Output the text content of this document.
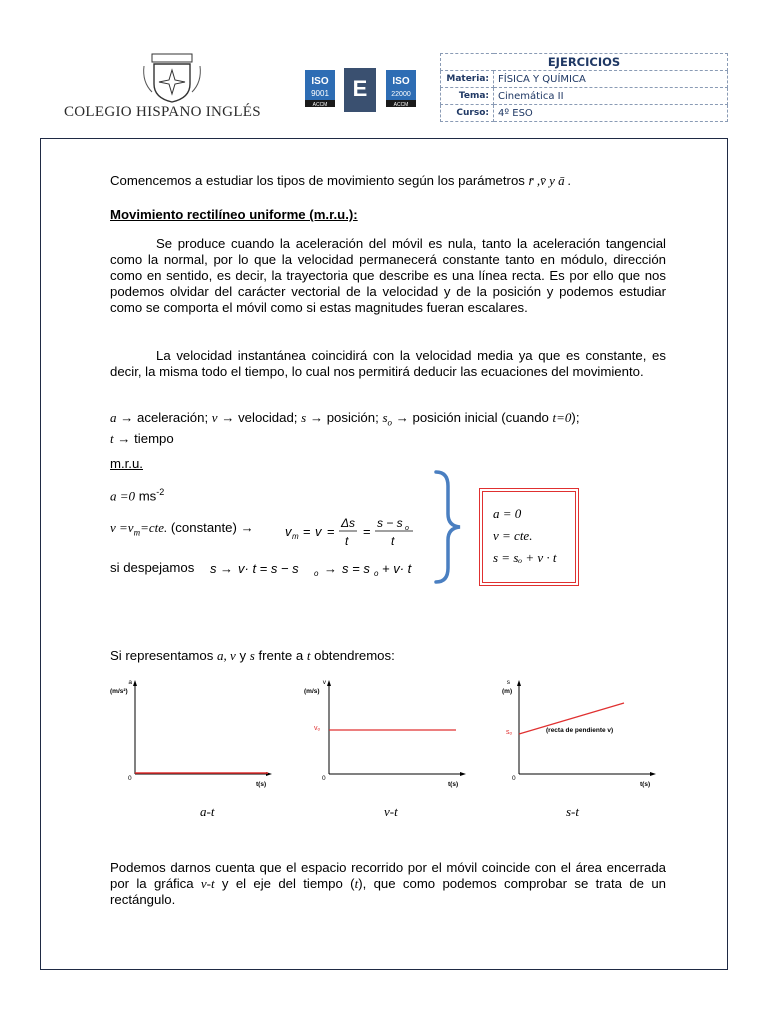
COLEGIO HISPANO INGLÉS
ISO
9001
ACCM
E	ISO
22000
ACCM
EJERCICIOS	
Materia:	FÍSICA Y QUÍMICA
Tema:	Cinemática II
Curso:	4º ESO
Comencemos a estudiar los tipos de movimiento según los parámetros r̄ ,v̄ y ā .
Movimiento rectilíneo uniforme (m.r.u.):
Se produce cuando la aceleración del móvil es nula, tanto la aceleración tangencial como la normal, por lo que la velocidad permanecerá constante tanto en módulo, dirección como en sentido, es decir, la trayectoria que describe es una línea recta. Es por ello que nos podemos olvidar del carácter vectorial de la velocidad y de la posición y podemos estudiar como se comporta el móvil como si estas magnitudes fueran escalares.
La velocidad instantánea coincidirá con la velocidad media ya que es constante, es decir, la misma todo el tiempo, lo cual nos permitirá deducir las ecuaciones del movimiento.
a → aceleración; v → velocidad; s → posición; $s_o$ → posición inicial (cuando t=0);
t → tiempo
m.r.u.
a =0 $ms^{-2}$
$v =v_m=cte$. (constante) →	v m = v =
Δs
t
=
s − s o
t
si despejamos	s → v· t = s − s o → s = s o + v· t
a = 0
v = cte.
s = sₒ + v · t
Si representamos a, v y s frente a t obtendremos:
a
(m/s²)
0
t(s)
a-t
v
(m/s)
vₒ
0
t(s)
v-t
s
(m)
sₒ	(recta de pendiente v)
0
t(s)
s-t
Podemos darnos cuenta que el espacio recorrido por el móvil coincide con el área encerrada por la gráfica v-t y el eje del tiempo (t), que como podemos comprobar se trata de un rectángulo.
